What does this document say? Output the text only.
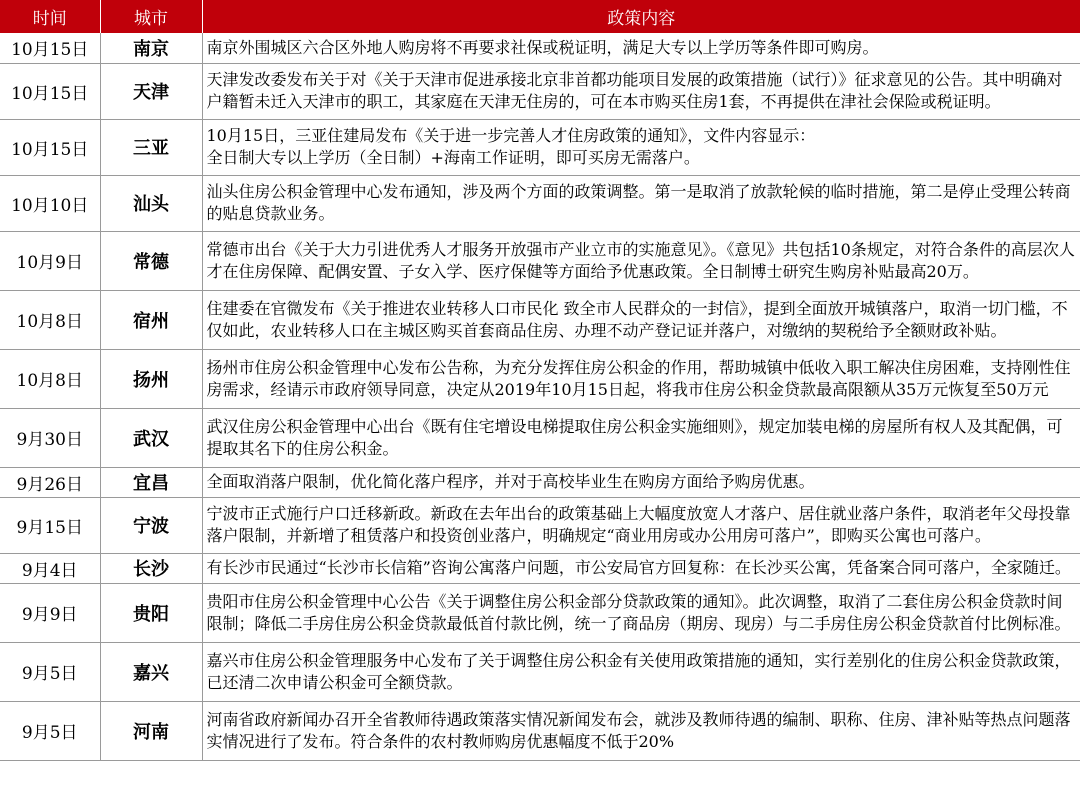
时间	城市	政策内容
10月15日	南京	南京外围城区六合区外地人购房将不再要求社保或税证明，满足大专以上学历等条件即可购房。

10月15日	天津	天津发改委发布关于对《关于天津市促进承接北京非首都功能项目发展的政策措施（试行）》征求意见的公告。其中明确对
户籍暂未迁入天津市的职工，其家庭在天津无住房的，可在本市购买住房1套，不再提供在津社会保险或税证明。

10月15日	三亚	10月15日，三亚住建局发布《关于进一步完善人才住房政策的通知》，文件内容显示：
全日制大专以上学历（全日制）+海南工作证明，即可买房无需落户。

10月10日	汕头	汕头住房公积金管理中心发布通知，涉及两个方面的政策调整。第一是取消了放款轮候的临时措施，第二是停止受理公转商
的贴息贷款业务。

10月9日	常德	常德市出台《关于大力引进优秀人才服务开放强市产业立市的实施意见》。《意见》共包括10条规定，对符合条件的高层次人
才在住房保障、配偶安置、子女入学、医疗保健等方面给予优惠政策。全日制博士研究生购房补贴最高20万。

10月8日	宿州	住建委在官微发布《关于推进农业转移人口市民化 致全市人民群众的一封信》，提到全面放开城镇落户，取消一切门槛，不
仅如此，农业转移人口在主城区购买首套商品住房、办理不动产登记证并落户，对缴纳的契税给予全额财政补贴。

10月8日	扬州	扬州市住房公积金管理中心发布公告称，为充分发挥住房公积金的作用，帮助城镇中低收入职工解决住房困难，支持刚性住
房需求，经请示市政府领导同意，决定从2019年10月15日起，将我市住房公积金贷款最高限额从35万元恢复至50万元

9月30日	武汉	武汉住房公积金管理中心出台《既有住宅增设电梯提取住房公积金实施细则》，规定加装电梯的房屋所有权人及其配偶，可
提取其名下的住房公积金。

9月26日	宜昌	全面取消落户限制，优化简化落户程序，并对于高校毕业生在购房方面给予购房优惠。

9月15日	宁波	宁波市正式施行户口迁移新政。新政在去年出台的政策基础上大幅度放宽人才落户、居住就业落户条件，取消老年父母投靠
落户限制，并新增了租赁落户和投资创业落户，明确规定“商业用房或办公用房可落户”，即购买公寓也可落户。

9月4日	长沙	有长沙市民通过“长沙市长信箱”咨询公寓落户问题，市公安局官方回复称：在长沙买公寓，凭备案合同可落户，全家随迁。

9月9日	贵阳	贵阳市住房公积金管理中心公告《关于调整住房公积金部分贷款政策的通知》。此次调整，取消了二套住房公积金贷款时间
限制；降低二手房住房公积金贷款最低首付款比例，统一了商品房（期房、现房）与二手房住房公积金贷款首付比例标准。

9月5日	嘉兴	嘉兴市住房公积金管理服务中心发布了关于调整住房公积金有关使用政策措施的通知，实行差别化的住房公积金贷款政策，
已还清二次申请公积金可全额贷款。

9月5日	河南	河南省政府新闻办召开全省教师待遇政策落实情况新闻发布会，就涉及教师待遇的编制、职称、住房、津补贴等热点问题落
实情况进行了发布。符合条件的农村教师购房优惠幅度不低于20%
